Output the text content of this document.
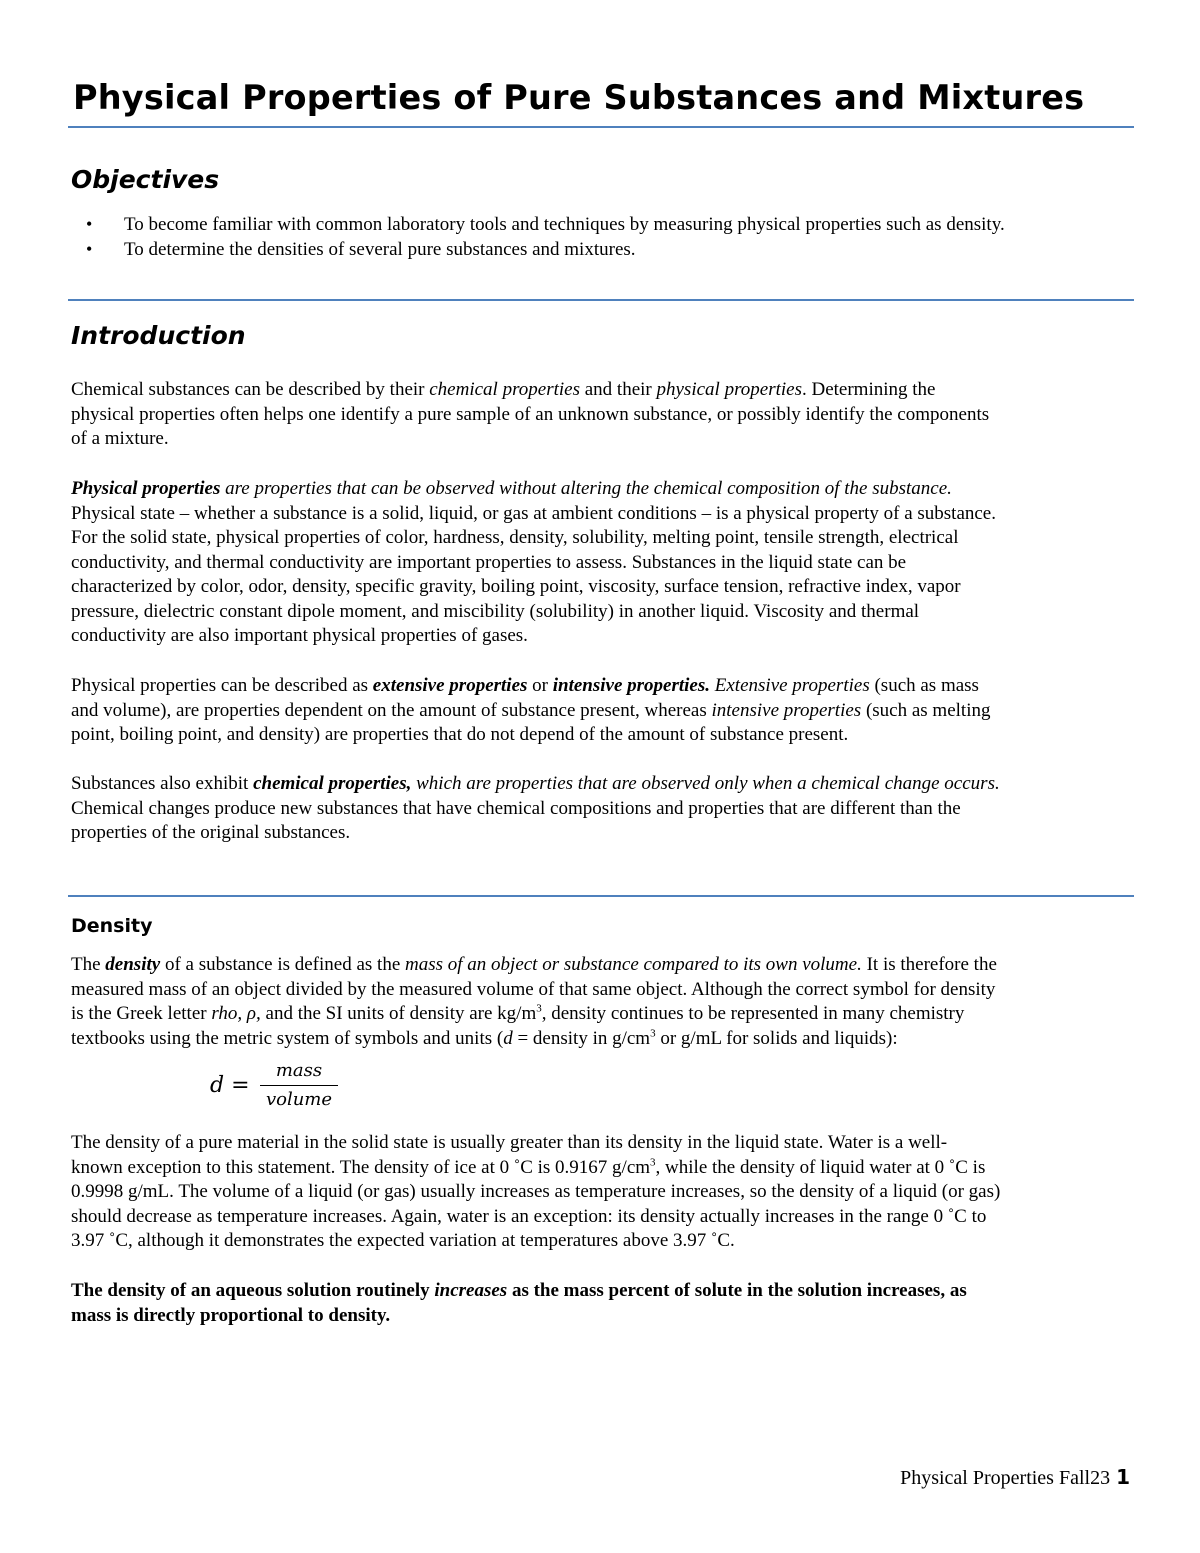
Physical Properties of Pure Substances and Mixtures
Objectives
• To become familiar with common laboratory tools and techniques by measuring physical properties such as density.
• To determine the densities of several pure substances and mixtures.
Introduction

Chemical substances can be described by their chemical properties and their physical properties. Determining the
physical properties often helps one identify a pure sample of an unknown substance, or possibly identify the components
of a mixture.

Physical properties are properties that can be observed without altering the chemical composition of the substance.
Physical state – whether a substance is a solid, liquid, or gas at ambient conditions – is a physical property of a substance.
For the solid state, physical properties of color, hardness, density, solubility, melting point, tensile strength, electrical
conductivity, and thermal conductivity are important properties to assess. Substances in the liquid state can be
characterized by color, odor, density, specific gravity, boiling point, viscosity, surface tension, refractive index, vapor
pressure, dielectric constant dipole moment, and miscibility (solubility) in another liquid. Viscosity and thermal
conductivity are also important physical properties of gases.

Physical properties can be described as extensive properties or intensive properties. Extensive properties (such as mass
and volume), are properties dependent on the amount of substance present, whereas intensive properties (such as melting
point, boiling point, and density) are properties that do not depend of the amount of substance present.

Substances also exhibit chemical properties, which are properties that are observed only when a chemical change occurs.
Chemical changes produce new substances that have chemical compositions and properties that are different than the
properties of the original substances.

Density

The density of a substance is defined as the mass of an object or substance compared to its own volume. It is therefore the
measured mass of an object divided by the measured volume of that same object. Although the correct symbol for density
is the Greek letter rho, ρ, and the SI units of density are $kg/m^3$, density continues to be represented in many chemistry
textbooks using the metric system of symbols and units (d = density in $g/cm^3$ or g/mL for solids and liquids):

d =
mass
volume

The density of a pure material in the solid state is usually greater than its density in the liquid state. Water is a well-
known exception to this statement. The density of ice at 0 ˚C is 0.9167 $g/cm^3$, while the density of liquid water at 0 ˚C is
0.9998 g/mL. The volume of a liquid (or gas) usually increases as temperature increases, so the density of a liquid (or gas)
should decrease as temperature increases. Again, water is an exception: its density actually increases in the range 0 ˚C to
3.97 ˚C, although it demonstrates the expected variation at temperatures above 3.97 ˚C.

The density of an aqueous solution routinely increases as the mass percent of solute in the solution increases, as
mass is directly proportional to density.

Physical Properties Fall23 1
